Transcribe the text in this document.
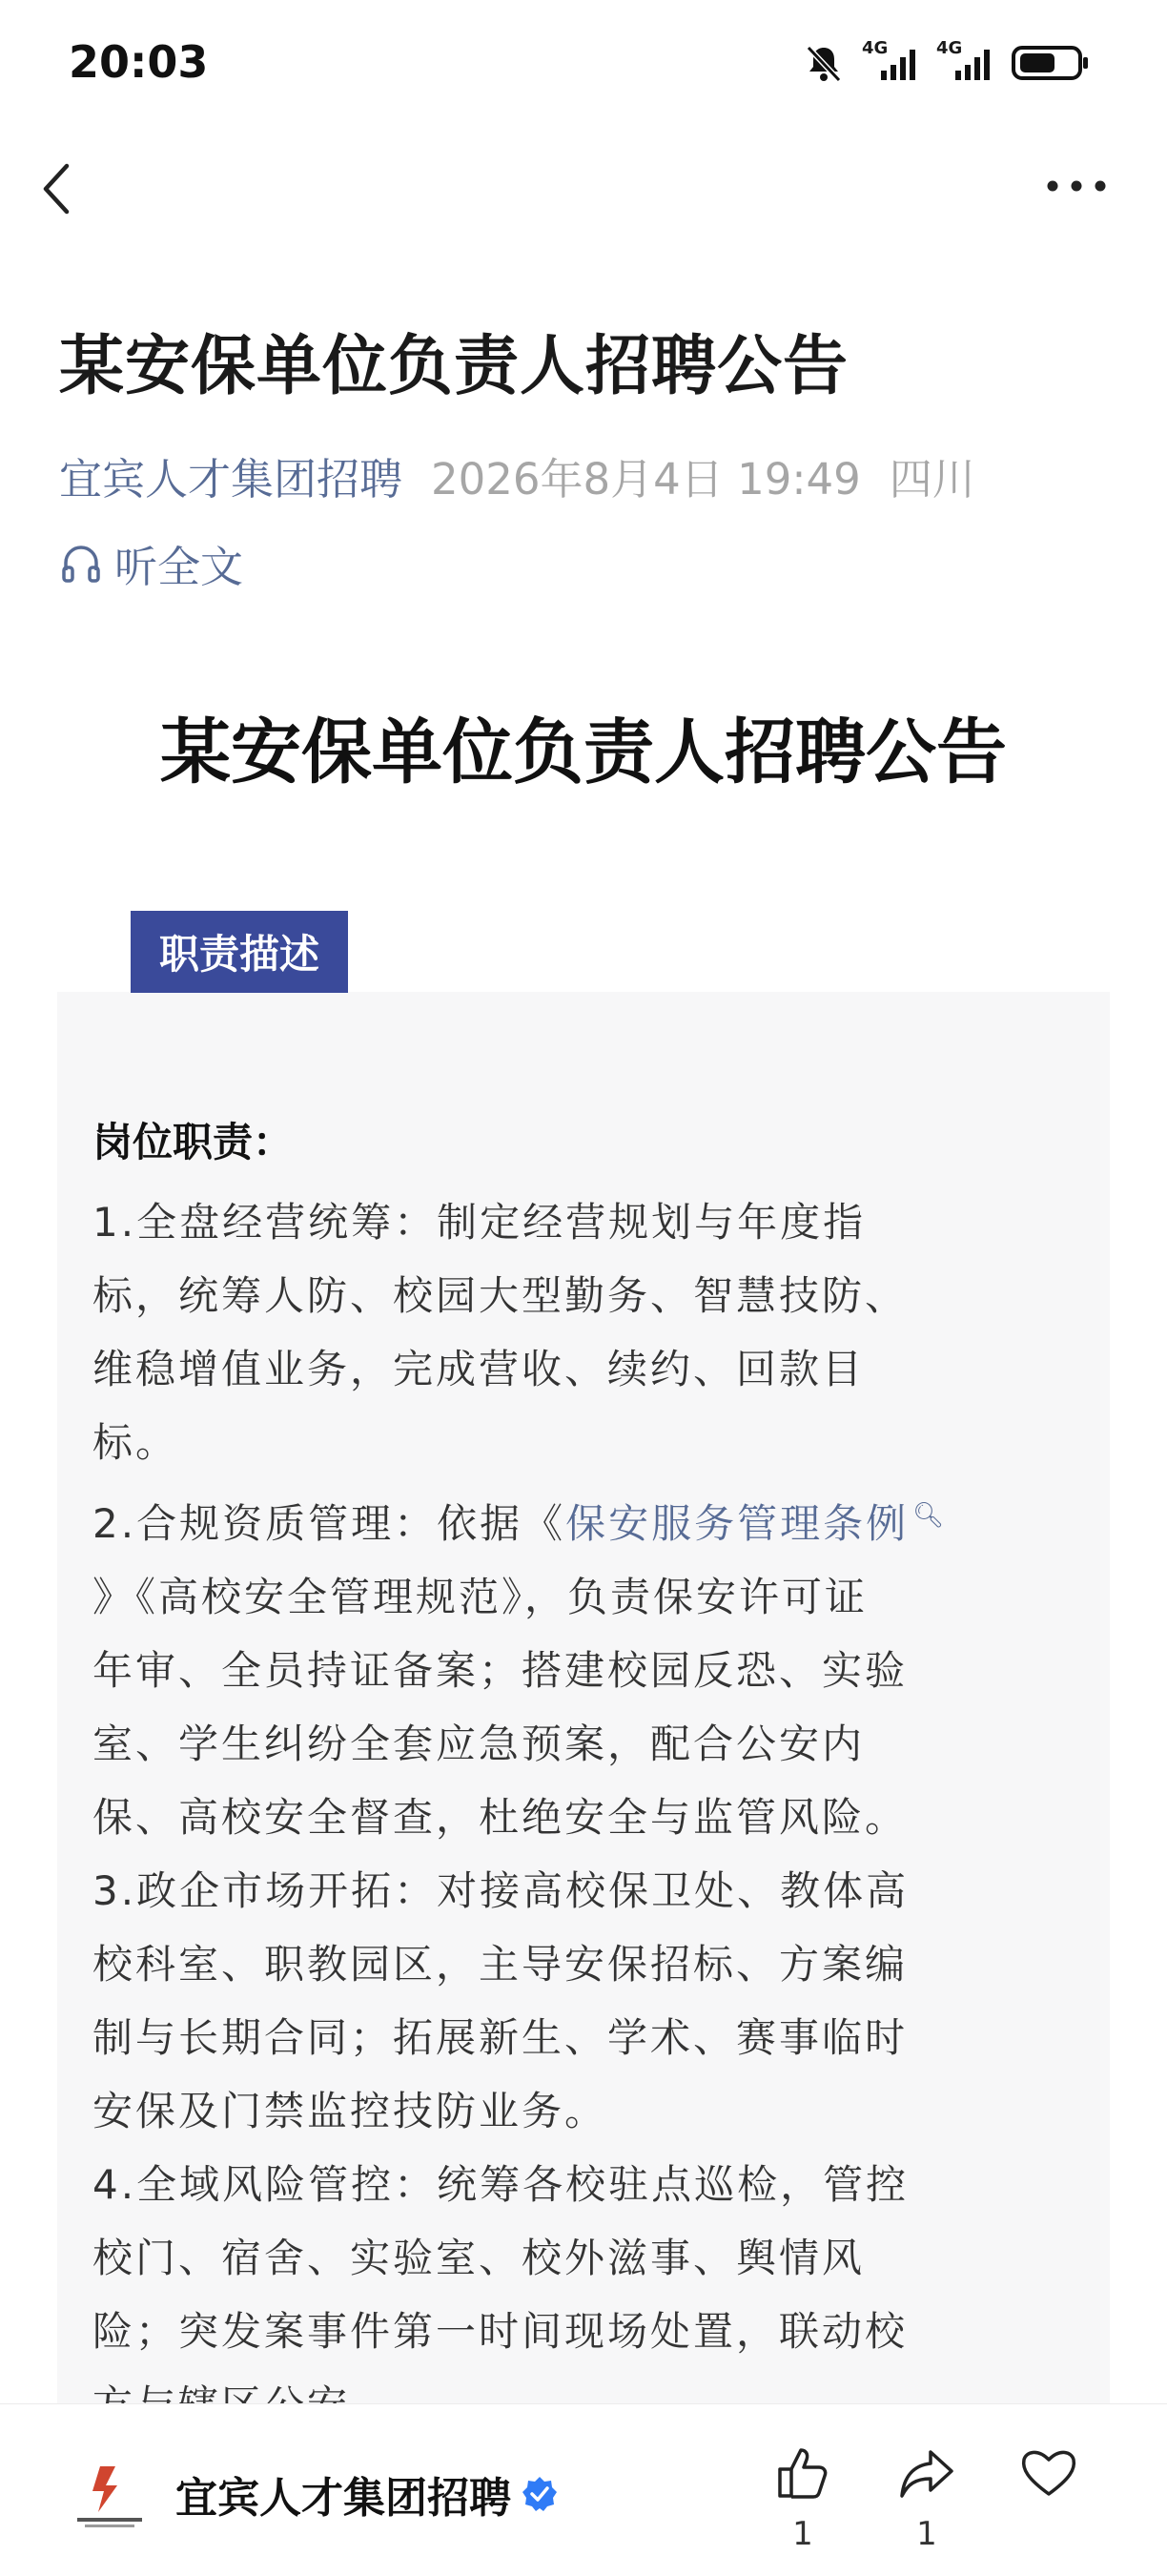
20:03	4G	4G
某安保单位负责人招聘公告
宜宾人才集团招聘 2026年8月4日 19:49 四川
听全文
某安保单位负责人招聘公告
职责描述
岗位职责：
1.全盘经营统筹：制定经营规划与年度指
标，统筹人防、校园大型勤务、智慧技防、
维稳增值业务，完成营收、续约、回款目
标。
2.合规资质管理：依据《保安服务管理条例 🔍︎
》《高校安全管理规范》，负责保安许可证
年审、全员持证备案；搭建校园反恐、实验
室、学生纠纷全套应急预案，配合公安内
保、高校安全督查，杜绝安全与监管风险。
3.政企市场开拓：对接高校保卫处、教体高
校科室、职教园区，主导安保招标、方案编
制与长期合同；拓展新生、学术、赛事临时
安保及门禁监控技防业务。
4.全域风险管控：统筹各校驻点巡检，管控
校门、宿舍、实验室、校外滋事、舆情风
险；突发案事件第一时间现场处置，联动校
宜宾人才集团招聘
1	1
